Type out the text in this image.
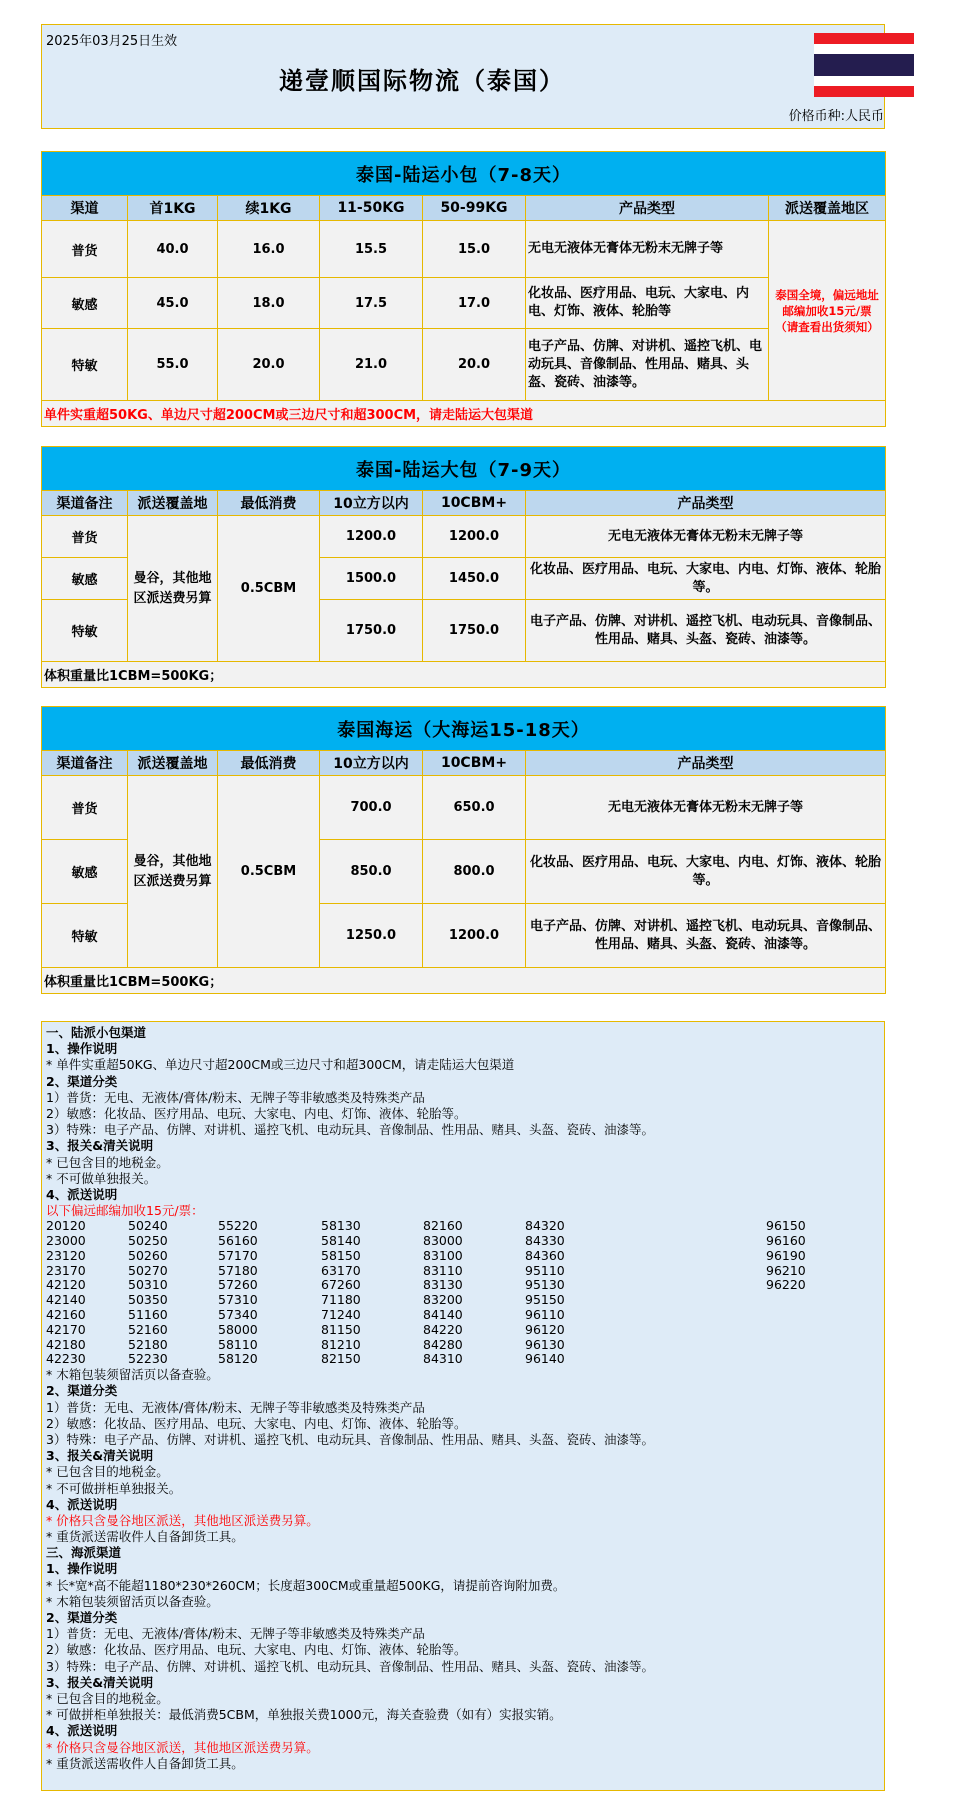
2025年03月25日生效
递壹顺国际物流（泰国）
价格币种:人民币
泰国-陆运小包（7-8天）						
渠道	首1KG	续1KG	11-50KG	50-99KG	产品类型	派送覆盖地区
普货	40.0	16.0	15.5	15.0	无电无液体无膏体无粉末无牌子等	泰国全境，偏远地址邮编加收15元/票（请查看出货须知）
敏感	45.0	18.0	17.5	17.0	化妆品、医疗用品、电玩、大家电、内电、灯饰、液体、轮胎等	
特敏	55.0	20.0	21.0	20.0	电子产品、仿牌、对讲机、遥控飞机、电动玩具、音像制品、性用品、赌具、头盔、瓷砖、油漆等。	
单件实重超50KG、单边尺寸超200CM或三边尺寸和超300CM，请走陆运大包渠道						
泰国-陆运大包（7-9天）					
渠道备注	派送覆盖地	最低消费	10立方以内	10CBM+	产品类型
普货	曼谷，其他地区派送费另算	0.5CBM	1200.0	1200.0	无电无液体无膏体无粉末无牌子等
敏感			1500.0	1450.0	化妆品、医疗用品、电玩、大家电、内电、灯饰、液体、轮胎等。
特敏			1750.0	1750.0	电子产品、仿牌、对讲机、遥控飞机、电动玩具、音像制品、性用品、赌具、头盔、瓷砖、油漆等。
体积重量比1CBM=500KG；					
泰国海运（大海运15-18天）					
渠道备注	派送覆盖地	最低消费	10立方以内	10CBM+	产品类型
普货	曼谷，其他地区派送费另算	0.5CBM	700.0	650.0	无电无液体无膏体无粉末无牌子等
敏感			850.0	800.0	化妆品、医疗用品、电玩、大家电、内电、灯饰、液体、轮胎等。
特敏			1250.0	1200.0	电子产品、仿牌、对讲机、遥控飞机、电动玩具、音像制品、性用品、赌具、头盔、瓷砖、油漆等。
体积重量比1CBM=500KG；					
一、陆派小包渠道
1、操作说明
* 单件实重超50KG、单边尺寸超200CM或三边尺寸和超300CM，请走陆运大包渠道
2、渠道分类
1）普货：无电、无液体/膏体/粉末、无牌子等非敏感类及特殊类产品
2）敏感：化妆品、医疗用品、电玩、大家电、内电、灯饰、液体、轮胎等。
3）特殊：电子产品、仿牌、对讲机、遥控飞机、电动玩具、音像制品、性用品、赌具、头盔、瓷砖、油漆等。
3、报关&清关说明
* 已包含目的地税金。
* 不可做单独报关。
4、派送说明
以下偏远邮编加收15元/票：
20120	50240	55220	58130	82160	84320	96150
23000	50250	56160	58140	83000	84330	96160
23120	50260	57170	58150	83100	84360	96190
23170	50270	57180	63170	83110	95110	96210
42120	50310	57260	67260	83130	95130	96220
42140	50350	57310	71180	83200	95150
42160	51160	57340	71240	84140	96110
42170	52160	58000	81150	84220	96120
42180	52180	58110	81210	84280	96130
42230	52230	58120	82150	84310	96140
* 木箱包装须留活页以备查验。
2、渠道分类
1）普货：无电、无液体/膏体/粉末、无牌子等非敏感类及特殊类产品
2）敏感：化妆品、医疗用品、电玩、大家电、内电、灯饰、液体、轮胎等。
3）特殊：电子产品、仿牌、对讲机、遥控飞机、电动玩具、音像制品、性用品、赌具、头盔、瓷砖、油漆等。
3、报关&清关说明
* 已包含目的地税金。
* 不可做拼柜单独报关。
4、派送说明
* 价格只含曼谷地区派送，其他地区派送费另算。
* 重货派送需收件人自备卸货工具。
三、海派渠道
1、操作说明
* 长*宽*高不能超1180*230*260CM；长度超300CM或重量超500KG，请提前咨询附加费。
* 木箱包装须留活页以备查验。
2、渠道分类
1）普货：无电、无液体/膏体/粉末、无牌子等非敏感类及特殊类产品
2）敏感：化妆品、医疗用品、电玩、大家电、内电、灯饰、液体、轮胎等。
3）特殊：电子产品、仿牌、对讲机、遥控飞机、电动玩具、音像制品、性用品、赌具、头盔、瓷砖、油漆等。
3、报关&清关说明
* 已包含目的地税金。
* 可做拼柜单独报关：最低消费5CBM，单独报关费1000元，海关查验费（如有）实报实销。
4、派送说明
* 价格只含曼谷地区派送，其他地区派送费另算。
* 重货派送需收件人自备卸货工具。
